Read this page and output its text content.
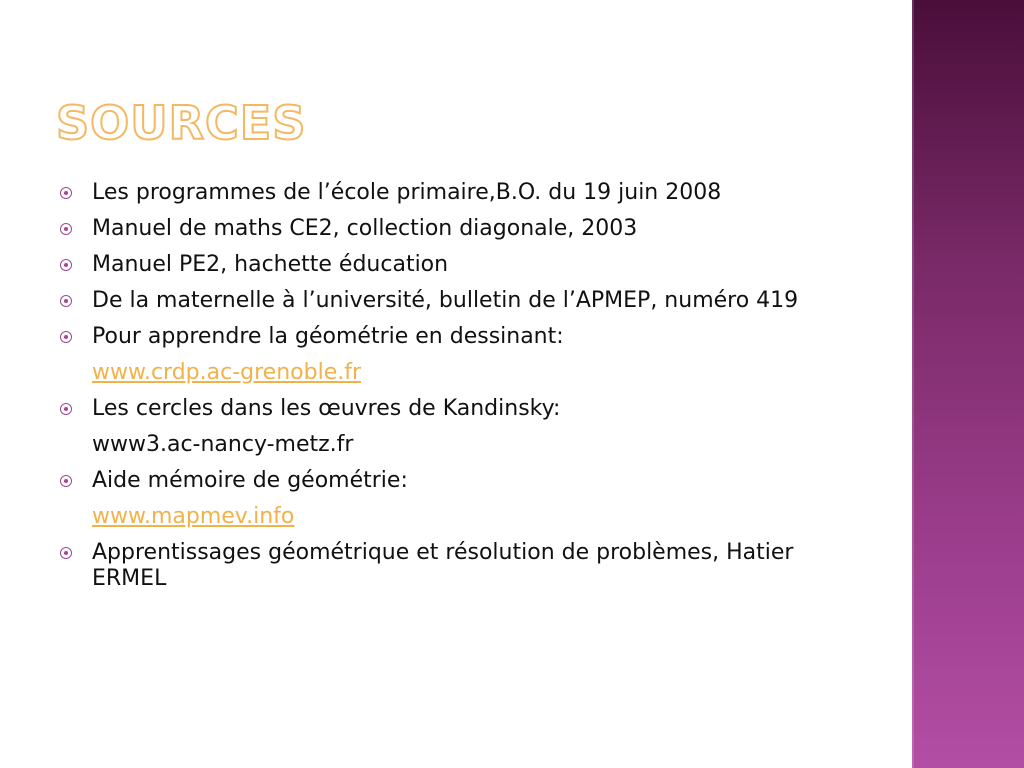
SOURCES
Les programmes de l’école primaire,B.O. du 19 juin 2008
Manuel de maths CE2, collection diagonale, 2003
Manuel PE2, hachette éducation
De la maternelle à l’université, bulletin de l’APMEP, numéro 419
Pour apprendre la géométrie en dessinant:
www.crdp.ac-grenoble.fr
Les cercles dans les œuvres de Kandinsky:
www3.ac-nancy-metz.fr
Aide mémoire de géométrie:
www.mapmev.info
Apprentissages géométrique et résolution de problèmes, Hatier ERMEL
